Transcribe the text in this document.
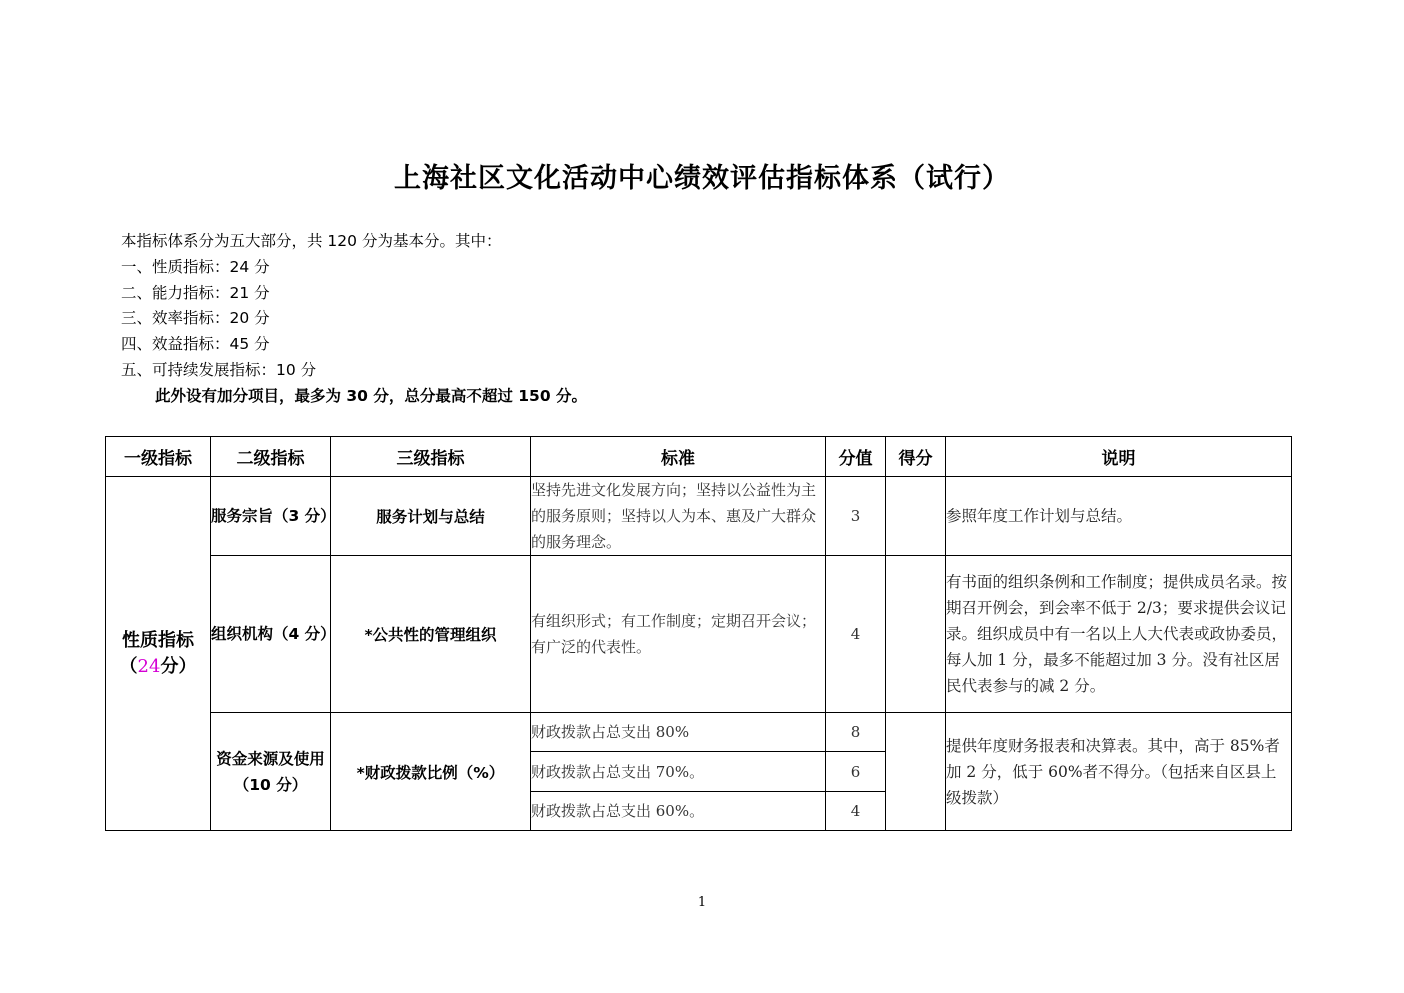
上海社区文化活动中心绩效评估指标体系（试行）
本指标体系分为五大部分，共 120 分为基本分。其中：
一、性质指标：24 分
二、能力指标：21 分
三、效率指标：20 分
四、效益指标：45 分
五、可持续发展指标：10 分
此外设有加分项目，最多为 30 分，总分最高不超过 150 分。
一级指标	二级指标	三级指标	标准	分值	得分	说明

性质指标
（24分）	服务宗旨（3 分）	服务计划与总结	坚持先进文化发展方向；坚持以公益性为主的服务原则；坚持以人为本、惠及广大群众的服务理念。	3		参照年度工作计划与总结。
	组织机构（4 分）	*公共性的管理组织	有组织形式；有工作制度；定期召开会议；有广泛的代表性。	4		有书面的组织条例和工作制度；提供成员名录。按期召开例会，到会率不低于 2/3；要求提供会议记录。组织成员中有一名以上人大代表或政协委员，每人加 1 分，最多不能超过加 3 分。没有社区居民代表参与的减 2 分。
	资金来源及使用（10 分）	*财政拨款比例（%）	财政拨款占总支出 80%	8		提供年度财务报表和决算表。其中，高于 85%者加 2 分，低于 60%者不得分。（包括来自区县上级拨款）
			财政拨款占总支出 70%。	6		
			财政拨款占总支出 60%。	4		
1
